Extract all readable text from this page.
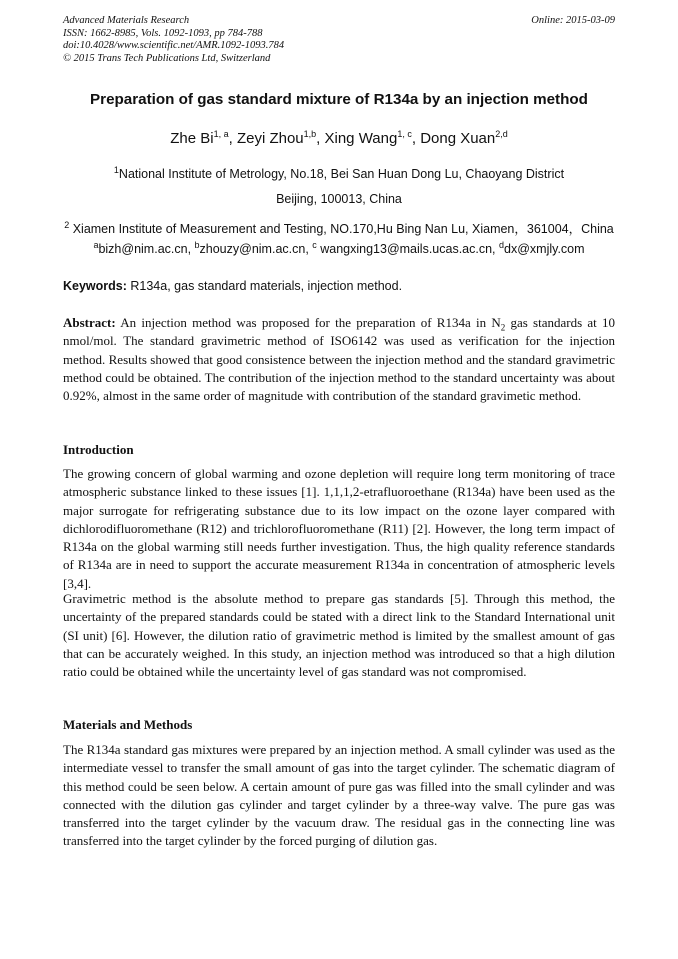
Advanced Materials Research
ISSN: 1662-8985, Vols. 1092-1093, pp 784-788
doi:10.4028/www.scientific.net/AMR.1092-1093.784
© 2015 Trans Tech Publications Ltd, Switzerland
Online: 2015-03-09
Preparation of gas standard mixture of R134a by an injection method
Zhe Bi$^{1, a}$, Zeyi Zhou$^{1,b}$, Xing Wang$^{1, c}$, Dong Xuan$^{2,d}$
$^1$National Institute of Metrology, No.18, Bei San Huan Dong Lu, Chaoyang District
Beijing, 100013, China
$^2$ Xiamen Institute of Measurement and Testing, NO.170,Hu Bing Nan Lu, Xiamen，361004，China
$^a$bizh@nim.ac.cn, $^b$zhouzy@nim.ac.cn, $^c$ wangxing13@mails.ucas.ac.cn, $^d$dx@xmjly.com
Keywords: R134a, gas standard materials, injection method.
Abstract: An injection method was proposed for the preparation of R134a in $N_2$ gas standards at 10 nmol/mol. The standard gravimetric method of ISO6142 was used as verification for the injection method. Results showed that good consistence between the injection method and the standard gravimetric method could be obtained. The contribution of the injection method to the standard uncertainty was about 0.92%, almost in the same order of magnitude with contribution of the standard gravimetic method.
Introduction
The growing concern of global warming and ozone depletion will require long term monitoring of trace atmospheric substance linked to these issues [1]. 1,1,1,2-etrafluoroethane (R134a) have been used as the major surrogate for refrigerating substance due to its low impact on the ozone layer compared with dichlorodifluoromethane (R12) and trichlorofluoromethane (R11) [2]. However, the long term impact of R134a on the global warming still needs further investigation. Thus, the high quality reference standards of R134a are in need to support the accurate measurement R134a in concentration of atmospheric levels [3,4].
Gravimetric method is the absolute method to prepare gas standards [5]. Through this method, the uncertainty of the prepared standards could be stated with a direct link to the Standard International unit (SI unit) [6]. However, the dilution ratio of gravimetric method is limited by the smallest amount of gas that can be accurately weighed. In this study, an injection method was introduced so that a high dilution ratio could be obtained while the uncertainty level of gas standard was not compromised.
Materials and Methods
The R134a standard gas mixtures were prepared by an injection method. A small cylinder was used as the intermediate vessel to transfer the small amount of gas into the target cylinder. The schematic diagram of this method could be seen below. A certain amount of pure gas was filled into the small cylinder and was connected with the dilution gas cylinder and target cylinder by a three-way valve. The pure gas was transferred into the target cylinder by the vacuum draw. The residual gas in the connecting line was transferred into the target cylinder by the forced purging of dilution gas.
